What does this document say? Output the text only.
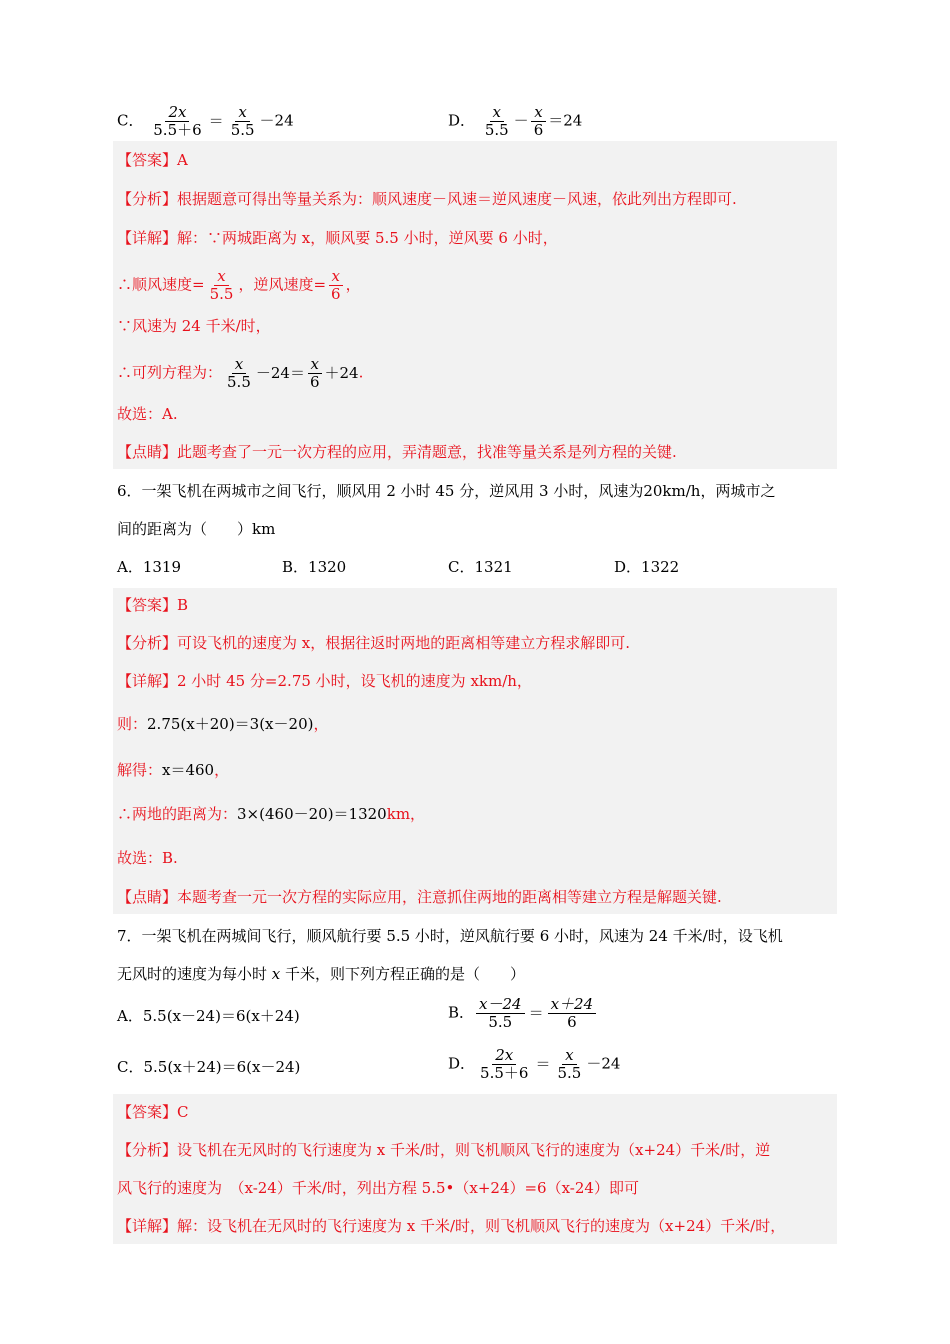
C． $\frac{2x}{5.5+6} = \frac{x}{5.5} -24$	D． $\frac{x}{5.5} - \frac{x}{6} =24$
【答案】A
【分析】根据题意可得出等量关系为：顺风速度－风速＝逆风速度－风速，依此列出方程即可.
【详解】解：∵两城距离为 x，顺风要 5.5 小时，逆风要 6 小时，
∴顺风速度= $\frac{x}{5.5}$ ，逆风速度= $\frac{x}{6}$ ，
∵风速为 24 千米/时，
∴可列方程为： $\frac{x}{5.5} -24= \frac{x}{6} +24$.
故选：A.
【点睛】此题考查了一元一次方程的应用，弄清题意，找准等量关系是列方程的关键.
6．一架飞机在两城市之间飞行，顺风用 2 小时 45 分，逆风用 3 小时，风速为20km/h，两城市之
间的距离为（　　）km
A．1319	B．1320	C．1321	D．1322
【答案】B
【分析】可设飞机的速度为 x，根据往返时两地的距离相等建立方程求解即可.
【详解】2 小时 45 分=2.75 小时，设飞机的速度为 xkm/h，
则：2.75(x＋20)＝3(x－20)，
解得：x＝460，
∴两地的距离为：3×(460－20)＝1320km，
故选：B.
【点睛】本题考查一元一次方程的实际应用，注意抓住两地的距离相等建立方程是解题关键.
7．一架飞机在两城间飞行，顺风航行要 5.5 小时，逆风航行要 6 小时，风速为 24 千米/时，设飞机
无风时的速度为每小时 x 千米，则下列方程正确的是（　　）
A．5.5(x－24)＝6(x＋24)	B． $\frac{x-24}{5.5} = \frac{x+24}{6}$
C．5.5(x＋24)＝6(x－24)	D． $\frac{2x}{5.5+6} = \frac{x}{5.5} -24$
【答案】C
【分析】设飞机在无风时的飞行速度为 x 千米/时，则飞机顺风飞行的速度为（x+24）千米/时，逆
风飞行的速度为　（x-24）千米/时，列出方程 5.5•（x+24）=6（x-24）即可
【详解】解：设飞机在无风时的飞行速度为 x 千米/时，则飞机顺风飞行的速度为（x+24）千米/时，
